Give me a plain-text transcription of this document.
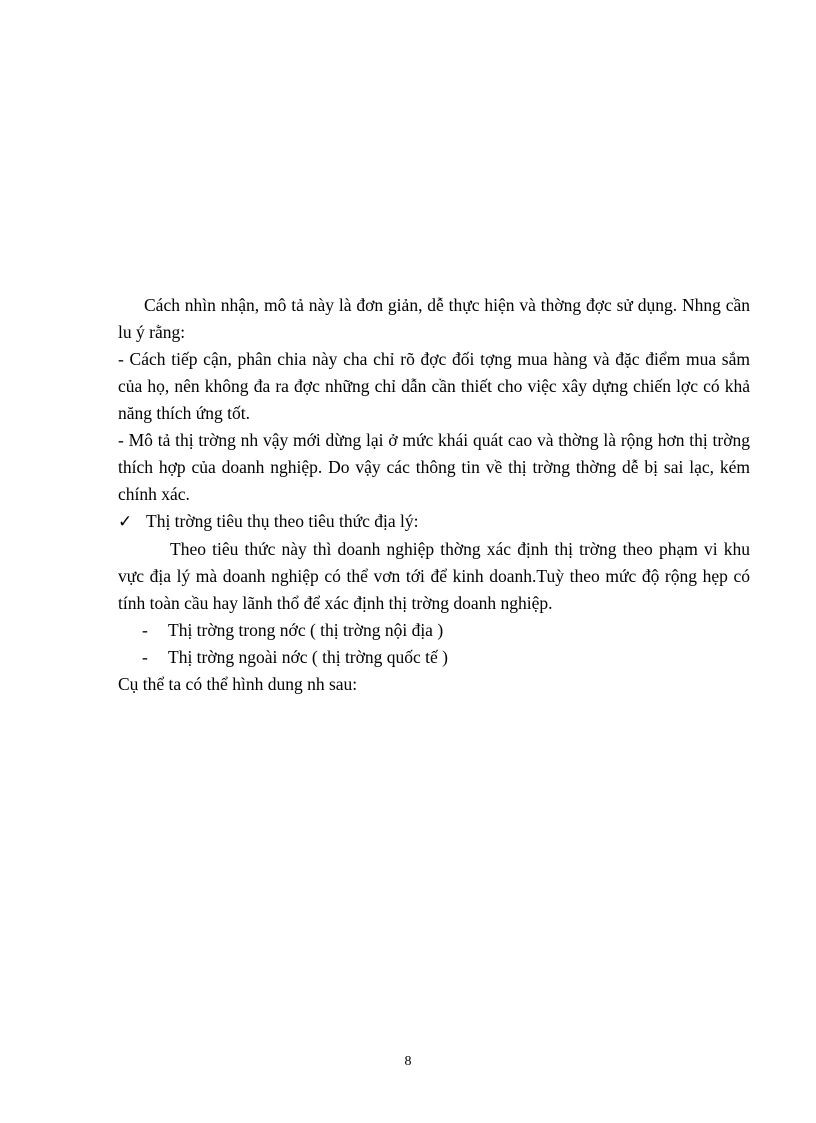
Cách nhìn nhận, mô tả này là đơn giản, dễ thực hiện và thờng đợc sử dụng. Nhng cần lu ý rằng:

- Cách tiếp cận, phân chia này cha chỉ rõ đợc đối tợng mua hàng và đặc điểm mua sắm của họ, nên không đa ra đợc những chỉ dẫn cần thiết cho việc xây dựng chiến lợc có khả năng thích ứng tốt.

- Mô tả thị trờng nh vậy mới dừng lại ở mức khái quát cao và thờng là rộng hơn thị trờng thích hợp của doanh nghiệp. Do vậy các thông tin về thị trờng thờng dễ bị sai lạc, kém chính xác.

✓ Thị trờng tiêu thụ theo tiêu thức địa lý:

Theo tiêu thức này thì doanh nghiệp thờng xác định thị trờng theo phạm vi khu vực địa lý mà doanh nghiệp có thể vơn tới để kinh doanh.Tuỳ theo mức độ rộng hẹp có tính toàn cầu hay lãnh thổ để xác định thị trờng doanh nghiệp.

-	Thị trờng trong nớc ( thị trờng nội địa )
-	Thị trờng ngoài nớc ( thị trờng quốc tế )

Cụ thể ta có thể hình dung nh sau:

8
